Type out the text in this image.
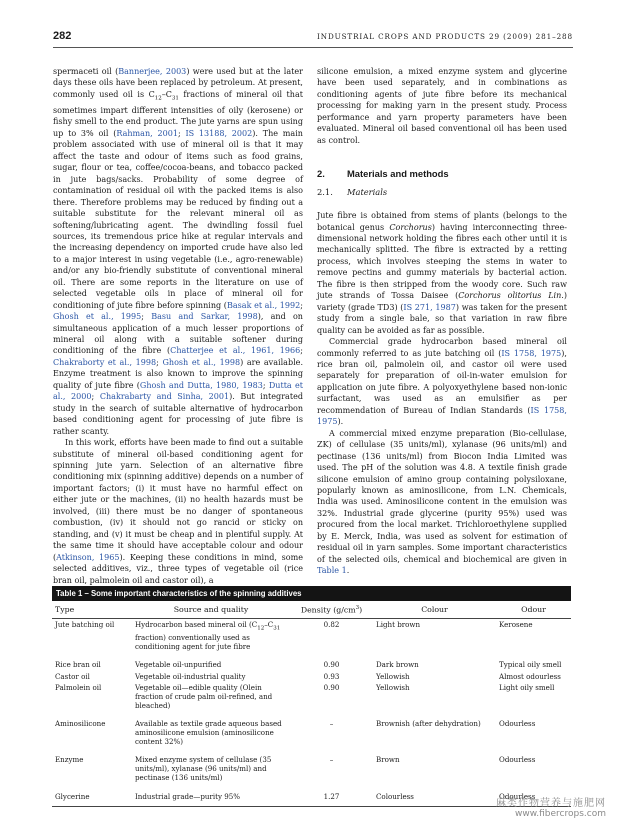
282	INDUSTRIAL CROPS AND PRODUCTS 29 (2009) 281–288

spermaceti oil (Bannerjee, 2003) were used but at the later days these oils have been replaced by petroleum. At present, commonly used oil is $C_{12}-C_{31}$ fractions of mineral oil that sometimes impart different intensities of oily (kerosene) or fishy smell to the end product. The jute yarns are spun using up to 3% oil (Rahman, 2001; IS 13188, 2002). The main problem associated with use of mineral oil is that it may affect the taste and odour of items such as food grains, sugar, flour or tea, coffee/cocoa-beans, and tobacco packed in jute bags/sacks. Probability of some degree of contamination of residual oil with the packed items is also there. Therefore problems may be reduced by finding out a suitable substitute for the relevant mineral oil as softening/lubricating agent. The dwindling fossil fuel sources, its tremendous price hike at regular intervals and the increasing dependency on imported crude have also led to a major interest in using vegetable (i.e., agro-renewable) and/or any bio-friendly substitute of conventional mineral oil. There are some reports in the literature on use of selected vegetable oils in place of mineral oil for conditioning of jute fibre before spinning (Basak et al., 1992; Ghosh et al., 1995; Basu and Sarkar, 1998), and on simultaneous application of a much lesser proportions of mineral oil along with a suitable softener during conditioning of the fibre (Chatterjee et al., 1961, 1966; Chakraborty et al., 1998; Ghosh et al., 1998) are available. Enzyme treatment is also known to improve the spinning quality of jute fibre (Ghosh and Dutta, 1980, 1983; Dutta et al., 2000; Chakrabarty and Sinha, 2001). But integrated study in the search of suitable alternative of hydrocarbon based conditioning agent for processing of jute fibre is rather scanty.

In this work, efforts have been made to find out a suitable substitute of mineral oil-based conditioning agent for spinning jute yarn. Selection of an alternative fibre conditioning mix (spinning additive) depends on a number of important factors; (i) it must have no harmful effect on either jute or the machines, (ii) no health hazards must be involved, (iii) there must be no danger of spontaneous combustion, (iv) it should not go rancid or sticky on standing, and (v) it must be cheap and in plentiful supply. At the same time it should have acceptable colour and odour (Atkinson, 1965). Keeping these conditions in mind, some selected additives, viz., three types of vegetable oil (rice bran oil, palmolein oil and castor oil), a

silicone emulsion, a mixed enzyme system and glycerine have been used separately, and in combinations as conditioning agents of jute fibre before its mechanical processing for making yarn in the present study. Process performance and yarn property parameters have been evaluated. Mineral oil based conventional oil has been used as control.

2. Materials and methods
2.1. Materials

Jute fibre is obtained from stems of plants (belongs to the botanical genus Corchorus) having interconnecting three-dimensional network holding the fibres each other until it is mechanically splitted. The fibre is extracted by a retting process, which involves steeping the stems in water to remove pectins and gummy materials by bacterial action. The fibre is then stripped from the woody core. Such raw jute strands of Tossa Daisee (Corchorus olitorius Lin.) variety (grade TD3) (IS 271, 1987) was taken for the present study from a single bale, so that variation in raw fibre quality can be avoided as far as possible.

Commercial grade hydrocarbon based mineral oil commonly referred to as jute batching oil (IS 1758, 1975), rice bran oil, palmolein oil, and castor oil were used separately for preparation of oil-in-water emulsion for application on jute fibre. A polyoxyethylene based non-ionic surfactant, was used as an emulsifier as per recommendation of Bureau of Indian Standards (IS 1758, 1975).

A commercial mixed enzyme preparation (Bio-cellulase, ZK) of cellulase (35 units/ml), xylanase (96 units/ml) and pectinase (136 units/ml) from Biocon India Limited was used. The pH of the solution was 4.8. A textile finish grade silicone emulsion of amino group containing polysiloxane, popularly known as aminosilicone, from L.N. Chemicals, India was used. Aminosilicone content in the emulsion was 32%. Industrial grade glycerine (purity 95%) used was procured from the local market. Trichloroethylene supplied by E. Merck, India, was used as solvent for estimation of residual oil in yarn samples. Some important characteristics of the selected oils, chemical and biochemical are given in Table 1.

Table 1 – Some important characteristics of the spinning additives
Type	Source and quality	Density $(g/cm^3)$	Colour	Odour
Jute batching oil	Hydrocarbon based mineral oil ($C_{12}-C_{31}$ fraction) conventionally used as conditioning agent for jute fibre	0.82	Light brown	Kerosene
Rice bran oil	Vegetable oil-unpurified	0.90	Dark brown	Typical oily smell
Castor oil	Vegetable oil-industrial quality	0.93	Yellowish	Almost odourless
Palmolein oil	Vegetable oil—edible quality (Olein fraction of crude palm oil-refined, and bleached)	0.90	Yellowish	Light oily smell
Aminosilicone	Available as textile grade aqueous based aminosilicone emulsion (aminosilicone content 32%)	–	Brownish (after dehydration)	Odourless
Enzyme	Mixed enzyme system of cellulase (35 units/ml), xylanase (96 units/ml) and pectinase (136 units/ml)	–	Brown	Odourless
Glycerine	Industrial grade—purity 95%	1.27	Colourless	Odourless
麻类作物营养与施肥网
www.fibercrops.com
